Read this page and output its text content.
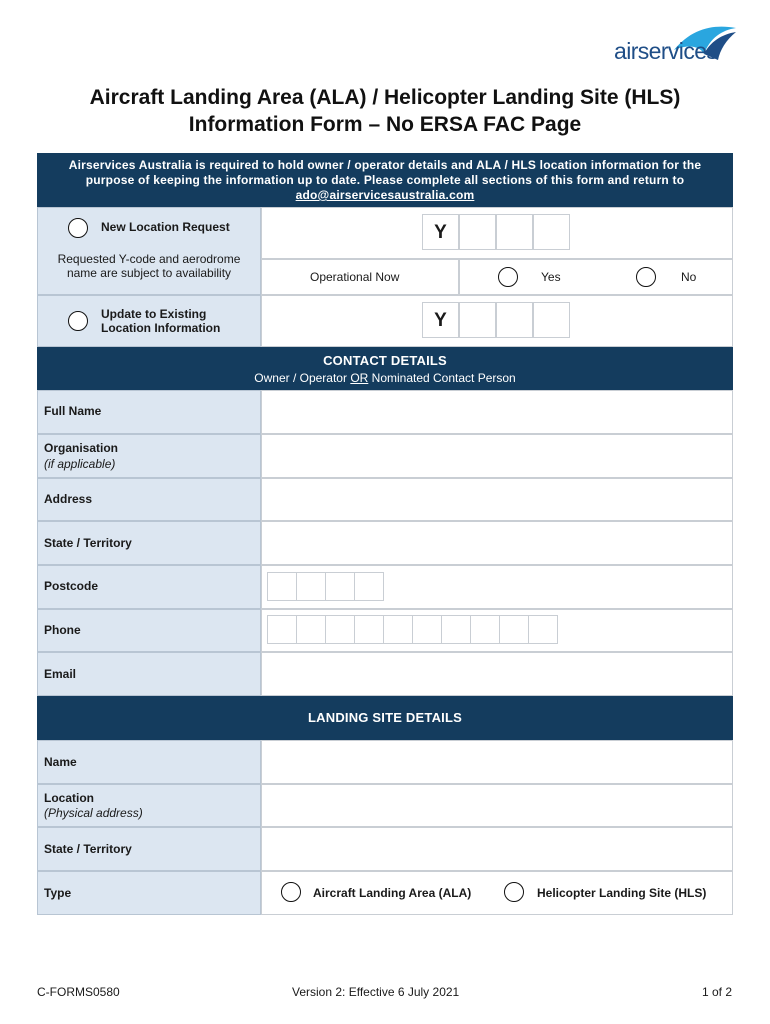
airservices
Aircraft Landing Area (ALA) / Helicopter Landing Site (HLS)
Information Form – No ERSA FAC Page
Airservices Australia is required to hold owner / operator details and ALA / HLS location information for the purpose of keeping the information up to date. Please complete all sections of this form and return to
ado@airservicesaustralia.com
New Location Request
Requested Y-code and aerodrome name are subject to availability
Y
Operational Now	Yes	No
Update to Existing
Location Information	Y
CONTACT DETAILS
Owner / Operator OR Nominated Contact Person
Full Name
Organisation
(if applicable)
Address
State / Territory
Postcode
Phone
Email
LANDING SITE DETAILS
Name
Location
(Physical address)
State / Territory
Type	Aircraft Landing Area (ALA)	Helicopter Landing Site (HLS)
C-FORMS0580	Version 2: Effective 6 July 2021	1 of 2
